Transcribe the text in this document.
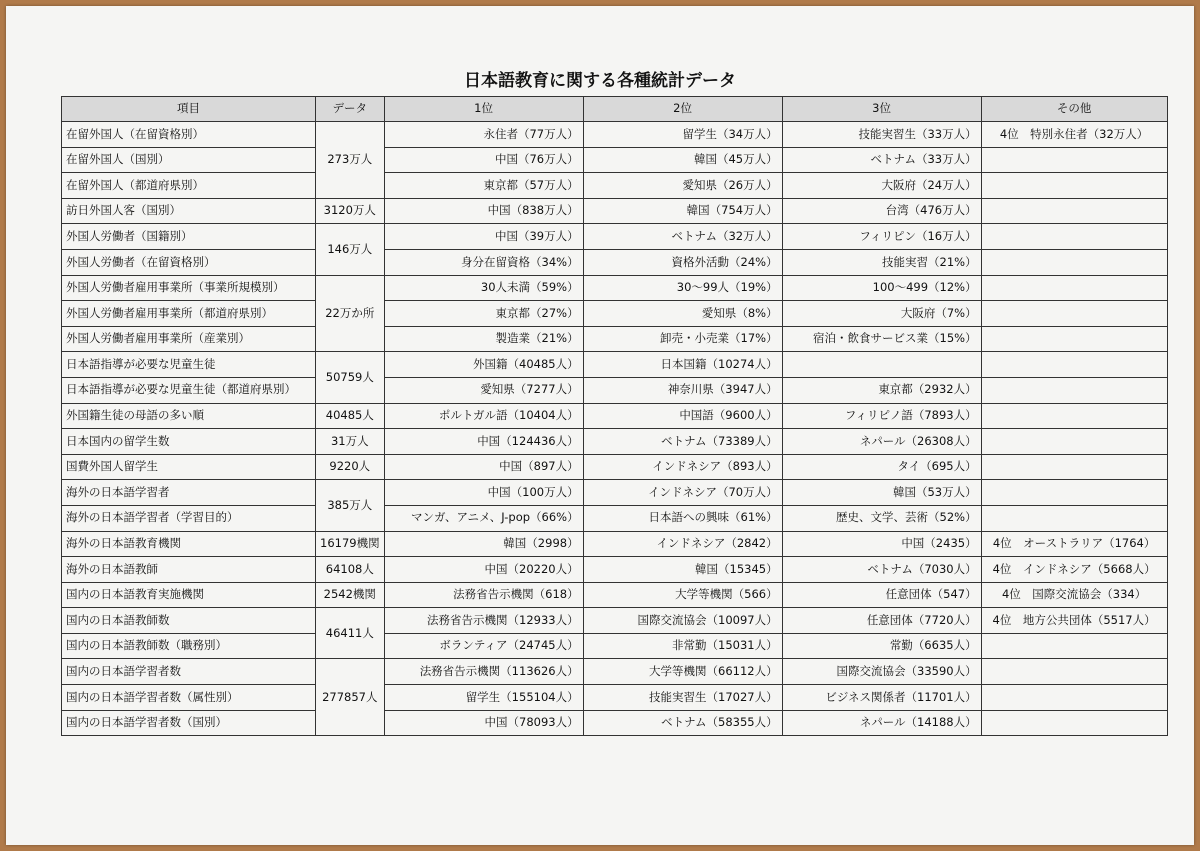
日本語教育に関する各種統計データ
項目	データ	1位	2位	3位	その他
在留外国人（在留資格別）	273万人	永住者（77万人）	留学生（34万人）	技能実習生（33万人）	4位　特別永住者（32万人）
在留外国人（国別）		中国（76万人）	韓国（45万人）	ベトナム（33万人）	
在留外国人（都道府県別）		東京都（57万人）	愛知県（26万人）	大阪府（24万人）	
訪日外国人客（国別）	3120万人	中国（838万人）	韓国（754万人）	台湾（476万人）	
外国人労働者（国籍別）	146万人	中国（39万人）	ベトナム（32万人）	フィリピン（16万人）	
外国人労働者（在留資格別）		身分在留資格（34%）	資格外活動（24%）	技能実習（21%）	
外国人労働者雇用事業所（事業所規模別）	22万か所	30人未満（59%）	30～99人（19%）	100～499（12%）	
外国人労働者雇用事業所（都道府県別）		東京都（27%）	愛知県（8%）	大阪府（7%）	
外国人労働者雇用事業所（産業別）		製造業（21%）	卸売・小売業（17%）	宿泊・飲食サービス業（15%）	
日本語指導が必要な児童生徒	50759人	外国籍（40485人）	日本国籍（10274人）		
日本語指導が必要な児童生徒（都道府県別）		愛知県（7277人）	神奈川県（3947人）	東京都（2932人）	
外国籍生徒の母語の多い順	40485人	ポルトガル語（10404人）	中国語（9600人）	フィリピノ語（7893人）	
日本国内の留学生数	31万人	中国（124436人）	ベトナム（73389人）	ネパール（26308人）	
国費外国人留学生	9220人	中国（897人）	インドネシア（893人）	タイ（695人）	
海外の日本語学習者	385万人	中国（100万人）	インドネシア（70万人）	韓国（53万人）	
海外の日本語学習者（学習目的）		マンガ、アニメ、J-pop（66%）	日本語への興味（61%）	歴史、文学、芸術（52%）	
海外の日本語教育機関	16179機関	韓国（2998）	インドネシア（2842）	中国（2435）	4位　オーストラリア（1764）
海外の日本語教師	64108人	中国（20220人）	韓国（15345）	ベトナム（7030人）	4位　インドネシア（5668人）
国内の日本語教育実施機関	2542機関	法務省告示機関（618）	大学等機関（566）	任意団体（547）	4位　国際交流協会（334）
国内の日本語教師数	46411人	法務省告示機関（12933人）	国際交流協会（10097人）	任意団体（7720人）	4位　地方公共団体（5517人）
国内の日本語教師数（職務別）		ボランティア（24745人）	非常勤（15031人）	常勤（6635人）	
国内の日本語学習者数	277857人	法務省告示機関（113626人）	大学等機関（66112人）	国際交流協会（33590人）	
国内の日本語学習者数（属性別）		留学生（155104人）	技能実習生（17027人）	ビジネス関係者（11701人）	
国内の日本語学習者数（国別）		中国（78093人）	ベトナム（58355人）	ネパール（14188人）	
